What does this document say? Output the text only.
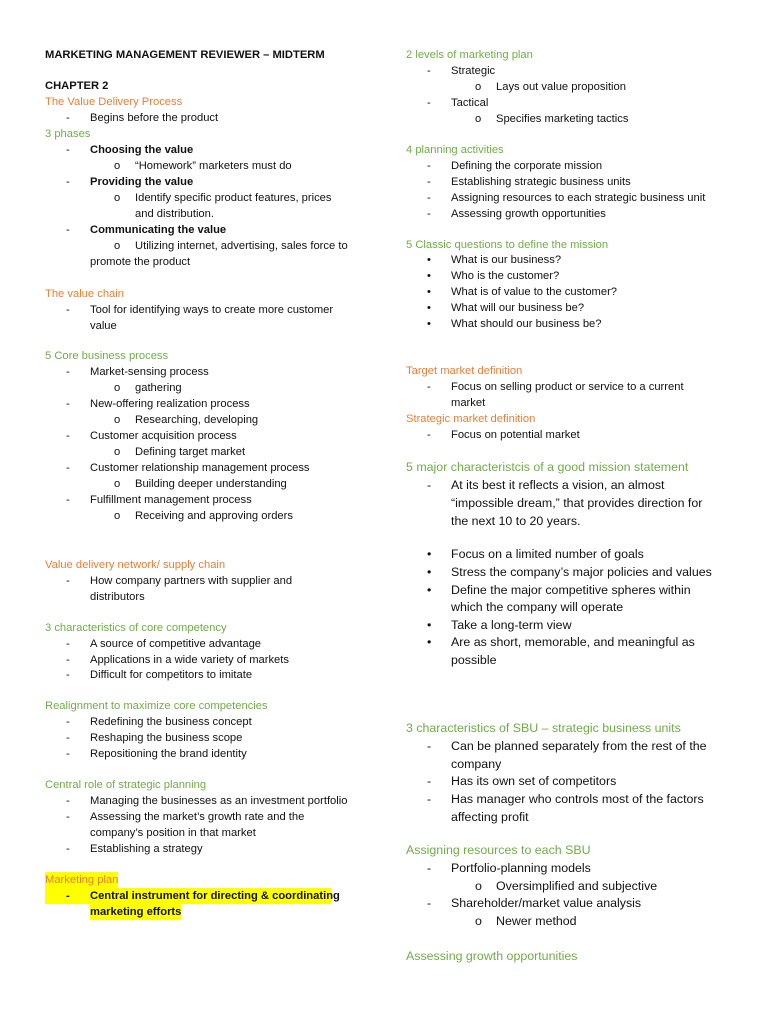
MARKETING MANAGEMENT REVIEWER – MIDTERM
CHAPTER 2
The Value Delivery Process
- Begins before the product
3 phases
- Choosing the value
o “Homework” marketers must do
- Providing the value
o Identify specific product features, prices
and distribution.
- Communicating the value
o Utilizing internet, advertising, sales force to
promote the product
The value chain
- Tool for identifying ways to create more customer
value
5 Core business process
- Market-sensing process
o gathering
- New-offering realization process
o Researching, developing
- Customer acquisition process
o Defining target market
- Customer relationship management process
o Building deeper understanding
- Fulfillment management process
o Receiving and approving orders
Value delivery network/ supply chain
- How company partners with supplier and
distributors
3 characteristics of core competency
- A source of competitive advantage
- Applications in a wide variety of markets
- Difficult for competitors to imitate
Realignment to maximize core competencies
- Redefining the business concept
- Reshaping the business scope
- Repositioning the brand identity
Central role of strategic planning
- Managing the businesses as an investment portfolio
- Assessing the market’s growth rate and the
company’s position in that market
- Establishing a strategy
Marketing plan
- Central instrument for directing & coordinating
marketing efforts
2 levels of marketing plan
- Strategic
o Lays out value proposition
- Tactical
o Specifies marketing tactics
4 planning activities
- Defining the corporate mission
- Establishing strategic business units
- Assigning resources to each strategic business unit
- Assessing growth opportunities
5 Classic questions to define the mission
• What is our business?
• Who is the customer?
• What is of value to the customer?
• What will our business be?
• What should our business be?
Target market definition
- Focus on selling product or service to a current
market
Strategic market definition
- Focus on potential market
5 major characteristcis of a good mission statement
- At its best it reflects a vision, an almost
“impossible dream,” that provides direction for
the next 10 to 20 years.
• Focus on a limited number of goals
• Stress the company’s major policies and values
• Define the major competitive spheres within
which the company will operate
• Take a long-term view
• Are as short, memorable, and meaningful as
possible
3 characteristics of SBU – strategic business units
- Can be planned separately from the rest of the
company
- Has its own set of competitors
- Has manager who controls most of the factors
affecting profit
Assigning resources to each SBU
- Portfolio-planning models
o Oversimplified and subjective
- Shareholder/market value analysis
o Newer method
Assessing growth opportunities
